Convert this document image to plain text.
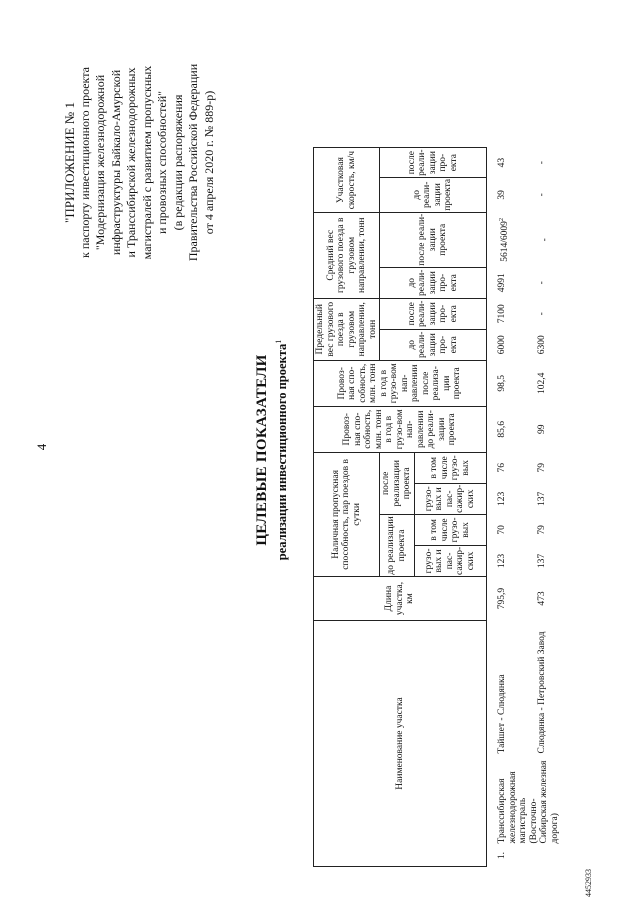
4
"ПРИЛОЖЕНИЕ № 1 к паспорту инвестиционного проекта "Модернизация железнодорожной инфраструктуры Байкало-Амурской и Транссибирской железнодорожных магистралей с развитием пропускных и провозных способностей" (в редакции распоряжения Правительства Российской Федерации от 4 апреля 2020 г. № 889-р)
ЦЕЛЕВЫЕ ПОКАЗАТЕЛИ реализации инвестиционного проекта$^1$
Наименование участка			Длина участка, км	Наличная пропускная способность, пар поездов в сутки				Провоз-ная спо-собность, млн. тонн в год в грузо-вом нап-равлении до реали-зации проекта	Провоз-ная спо-собность, млн. тонн в год в грузо-вом нап-равлении после реализа-ции проекта	Предельный вес грузового поезда в грузовом направлении, тонн		Средний вес грузового поезда в грузовом направлении, тонн		Участковая скорость, км/ч	
				до реализации проекта		после реализации проекта				до реали-зации про-екта	после реали-зации про-екта	до реали-зации про-екта	после реали-зации проекта	до реали-зации проекта	после реали-зации про-екта
				грузо-вых и пас-сажир-ских	в том числе грузо-вых	грузо-вых и пас-сажир-ских	в том числе грузо-вых								

1.	Транссибирская железнодорожная магистраль (Восточно-Сибирская железная дорога)	Тайшет - Слюдянка	795,9	123	70	123	76	85,6	98,5	6000	7100	4991	5614/6009$^2$	39	43
		Слюдянка - Петровский Завод	473	137	79	137	79	99	102,4	6300	-	-	-	-	-
4452933
